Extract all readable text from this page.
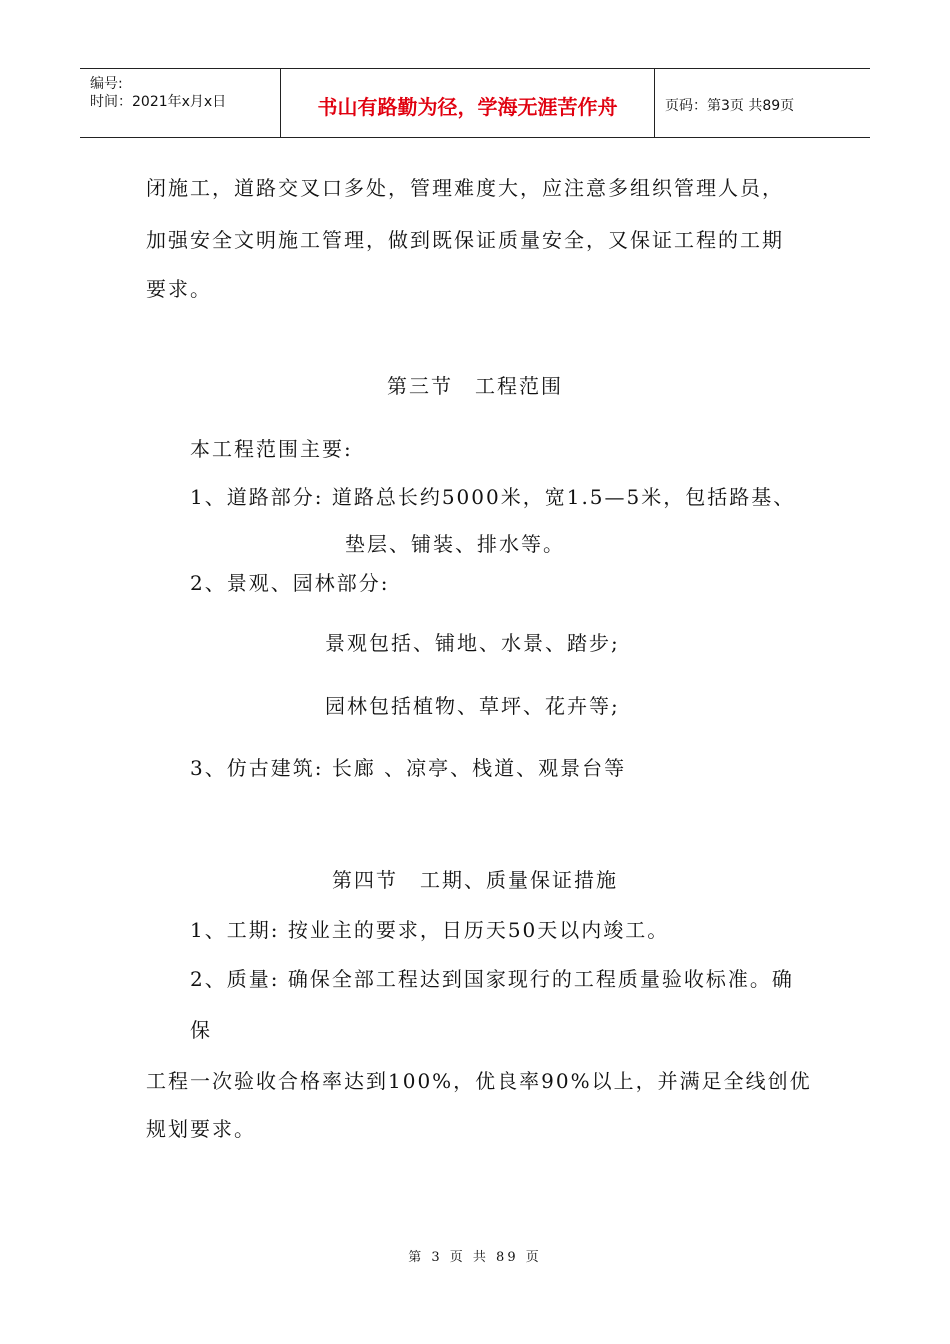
编号:
时间：2021年x月x日	书山有路勤为径，学海无涯苦作舟	页码：第3页 共89页
闭施工，道路交叉口多处，管理难度大，应注意多组织管理人员，
加强安全文明施工管理，做到既保证质量安全，又保证工程的工期
要求。
第三节　工程范围
本工程范围主要:
1、道路部分: 道路总长约5000米，宽1.5—5米，包括路基、
垫层、铺装、排水等。
2、景观、园林部分:
景观包括、铺地、水景、踏步;
园林包括植物、草坪、花卉等;
3、仿古建筑: 长廊 、凉亭、栈道、观景台等
第四节　工期、质量保证措施
1、工期: 按业主的要求，日历天50天以内竣工。
2、质量: 确保全部工程达到国家现行的工程质量验收标准。确
保
工程一次验收合格率达到100%，优良率90%以上，并满足全线创优
规划要求。
第 3 页 共 89 页
